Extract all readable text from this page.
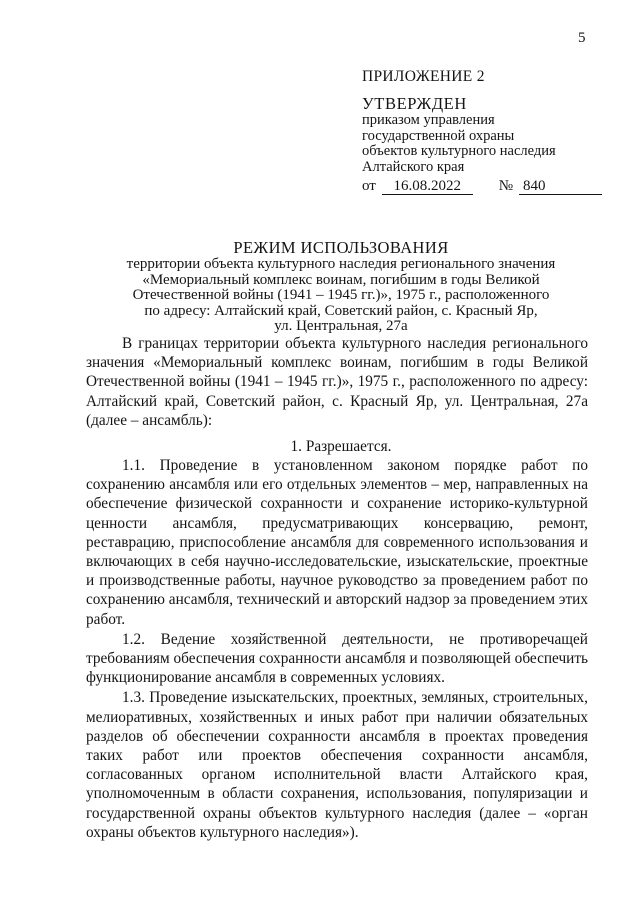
5
ПРИЛОЖЕНИЕ 2
УТВЕРЖДЕН
приказом управления
государственной охраны
объектов культурного наследия
Алтайского края
от	16.08.2022	№ 840
РЕЖИМ ИСПОЛЬЗОВАНИЯ
территории объекта культурного наследия регионального значения
«Мемориальный комплекс воинам, погибшим в годы Великой
Отечественной войны (1941 – 1945 гг.)», 1975 г., расположенного
по адресу: Алтайский край, Советский район, с. Красный Яр,
ул. Центральная, 27а

В границах территории объекта культурного наследия регионального значения «Мемориальный комплекс воинам, погибшим в годы Великой Отечественной войны (1941 – 1945 гг.)», 1975 г., расположенного по адресу: Алтайский край, Советский район, с. Красный Яр, ул. Центральная, 27а (далее – ансамбль):

1. Разрешается.

1.1. Проведение в установленном законом порядке работ по сохранению ансамбля или его отдельных элементов – мер, направленных на обеспечение физической сохранности и сохранение историко-культурной ценности ансамбля, предусматривающих консервацию, ремонт, реставрацию, приспособление ансамбля для современного использования и включающих в себя научно-исследовательские, изыскательские, проектные и производственные работы, научное руководство за проведением работ по сохранению ансамбля, технический и авторский надзор за проведением этих работ.

1.2. Ведение хозяйственной деятельности, не противоречащей требованиям обеспечения сохранности ансамбля и позволяющей обеспечить функционирование ансамбля в современных условиях.

1.3. Проведение изыскательских, проектных, земляных, строительных, мелиоративных, хозяйственных и иных работ при наличии обязательных разделов об обеспечении сохранности ансамбля в проектах проведения таких работ или проектов обеспечения сохранности ансамбля, согласованных органом исполнительной власти Алтайского края, уполномоченным в области сохранения, использования, популяризации и государственной охраны объектов культурного наследия (далее – «орган охраны объектов культурного наследия»).
